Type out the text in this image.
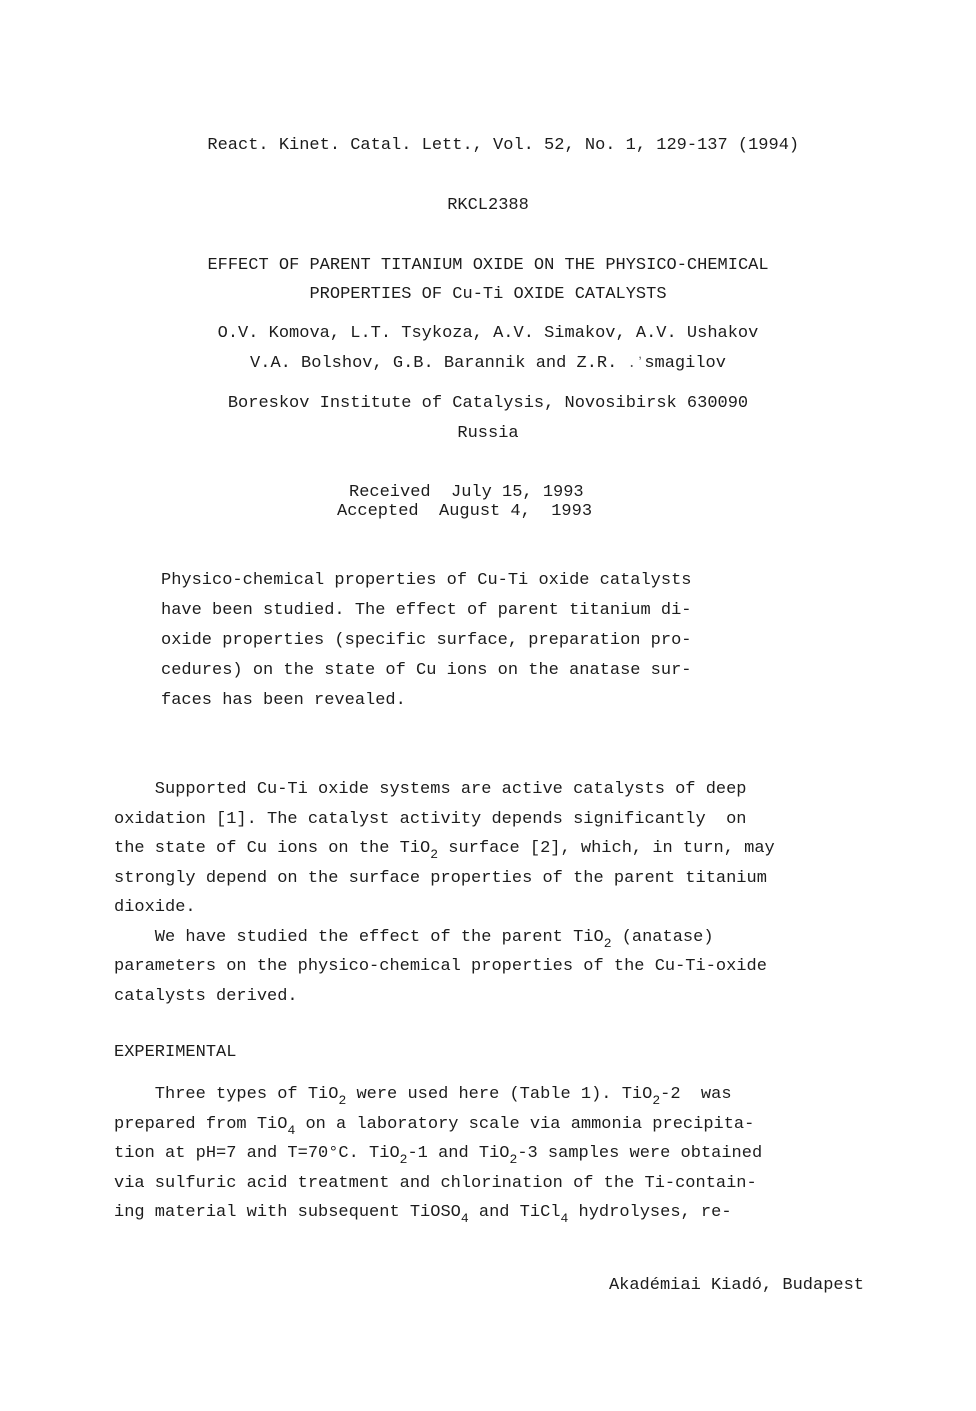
React. Kinet. Catal. Lett., Vol. 52, No. 1, 129-137 (1994)

RKCL2388
EFFECT OF PARENT TITANIUM OXIDE ON THE PHYSICO-CHEMICAL
PROPERTIES OF Cu-Ti OXIDE CATALYSTS
O.V. Komova, L.T. Tsykoza, A.V. Simakov, A.V. Ushakov
V.A. Bolshov, G.B. Barannik and Z.R. .ʼsmagilov
Boreskov Institute of Catalysis, Novosibirsk 630090
Russia
Received  July 15, 1993
Accepted  August 4,  1993
Physico-chemical properties of Cu-Ti oxide catalysts
have been studied. The effect of parent titanium di-
oxide properties (specific surface, preparation pro-
cedures) on the state of Cu ions on the anatase sur-
faces has been revealed.
Supported Cu-Ti oxide systems are active catalysts of deep
oxidation [1]. The catalyst activity depends significantly  on
the state of Cu ions on the TiO$_2$ surface [2], which, in turn, may
strongly depend on the surface properties of the parent titanium
dioxide.
We have studied the effect of the parent TiO$_2$ (anatase)
parameters on the physico-chemical properties of the Cu-Ti-oxide
catalysts derived.
EXPERIMENTAL
Three types of TiO$_2$ were used here (Table 1). TiO$_2$-2  was
prepared from TiO$_4$ on a laboratory scale via ammonia precipita-
tion at pH=7 and T=70°C. TiO$_2$-1 and TiO$_2$-3 samples were obtained
via sulfuric acid treatment and chlorination of the Ti-contain-
ing material with subsequent TiOSO$_4$ and TiCl$_4$ hydrolyses, re-
Akadémiai Kiadó, Budapest
